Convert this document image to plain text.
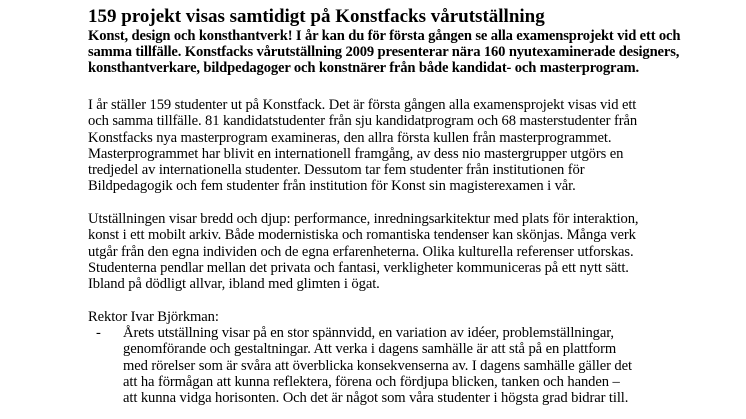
159 projekt visas samtidigt på Konstfacks vårutställning
Konst, design och konsthantverk! I år kan du för första gången se alla examensprojekt vid ett och
samma tillfälle. Konstfacks vårutställning 2009 presenterar nära 160 nyutexaminerade designers,
konsthantverkare, bildpedagoger och konstnärer från både kandidat- och masterprogram.
I år ställer 159 studenter ut på Konstfack. Det är första gången alla examensprojekt visas vid ett
och samma tillfälle. 81 kandidatstudenter från sju kandidatprogram och 68 masterstudenter från
Konstfacks nya masterprogram examineras, den allra första kullen från masterprogrammet.
Masterprogrammet har blivit en internationell framgång, av dess nio mastergrupper utgörs en
tredjedel av internationella studenter. Dessutom tar fem studenter från institutionen för
Bildpedagogik och fem studenter från institution för Konst sin magisterexamen i vår.
Utställningen visar bredd och djup: performance, inredningsarkitektur med plats för interaktion,
konst i ett mobilt arkiv. Både modernistiska och romantiska tendenser kan skönjas. Många verk
utgår från den egna individen och de egna erfarenheterna. Olika kulturella referenser utforskas.
Studenterna pendlar mellan det privata och fantasi, verkligheter kommuniceras på ett nytt sätt.
Ibland på dödligt allvar, ibland med glimten i ögat.
Rektor Ivar Björkman:
- Årets utställning visar på en stor spännvidd, en variation av idéer, problemställningar,
genomförande och gestaltningar. Att verka i dagens samhälle är att stå på en plattform
med rörelser som är svåra att överblicka konsekvenserna av. I dagens samhälle gäller det
att ha förmågan att kunna reflektera, förena och fördjupa blicken, tanken och handen –
att kunna vidga horisonten. Och det är något som våra studenter i högsta grad bidrar till.
